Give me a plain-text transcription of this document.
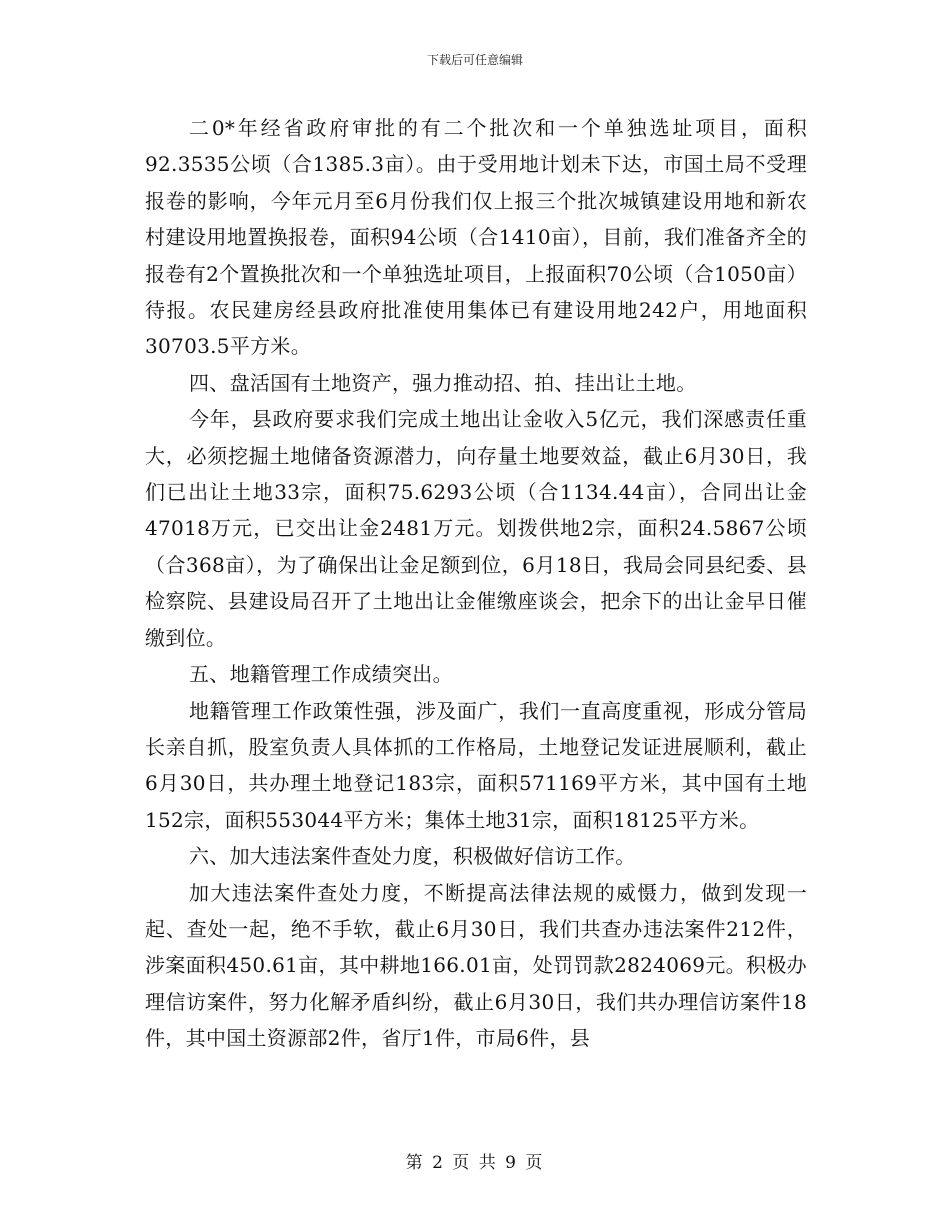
下载后可任意编辑

二0*年经省政府审批的有二个批次和一个单独选址项目，面积92.3535公顷（合1385.3亩）。由于受用地计划未下达，市国土局不受理报卷的影响，今年元月至6月份我们仅上报三个批次城镇建设用地和新农村建设用地置换报卷，面积94公顷（合1410亩），目前，我们准备齐全的报卷有2个置换批次和一个单独选址项目，上报面积70公顷（合1050亩）待报。农民建房经县政府批准使用集体已有建设用地242户，用地面积30703.5平方米。

四、盘活国有土地资产，强力推动招、拍、挂出让土地。

今年，县政府要求我们完成土地出让金收入5亿元，我们深感责任重大，必须挖掘土地储备资源潜力，向存量土地要效益，截止6月30日，我们已出让土地33宗，面积75.6293公顷（合1134.44亩），合同出让金47018万元，已交出让金2481万元。划拨供地2宗，面积24.5867公顷（合368亩），为了确保出让金足额到位，6月18日，我局会同县纪委、县检察院、县建设局召开了土地出让金催缴座谈会，把余下的出让金早日催缴到位。

五、地籍管理工作成绩突出。

地籍管理工作政策性强，涉及面广，我们一直高度重视，形成分管局长亲自抓，股室负责人具体抓的工作格局，土地登记发证进展顺利，截止6月30日，共办理土地登记183宗，面积571169平方米，其中国有土地152宗，面积553044平方米；集体土地31宗，面积18125平方米。

六、加大违法案件查处力度，积极做好信访工作。

加大违法案件查处力度，不断提高法律法规的威慑力，做到发现一起、查处一起，绝不手软，截止6月30日，我们共查办违法案件212件，涉案面积450.61亩，其中耕地166.01亩，处罚罚款2824069元。积极办理信访案件，努力化解矛盾纠纷，截止6月30日，我们共办理信访案件18件，其中国土资源部2件，省厅1件，市局6件，县

第 2 页 共 9 页
